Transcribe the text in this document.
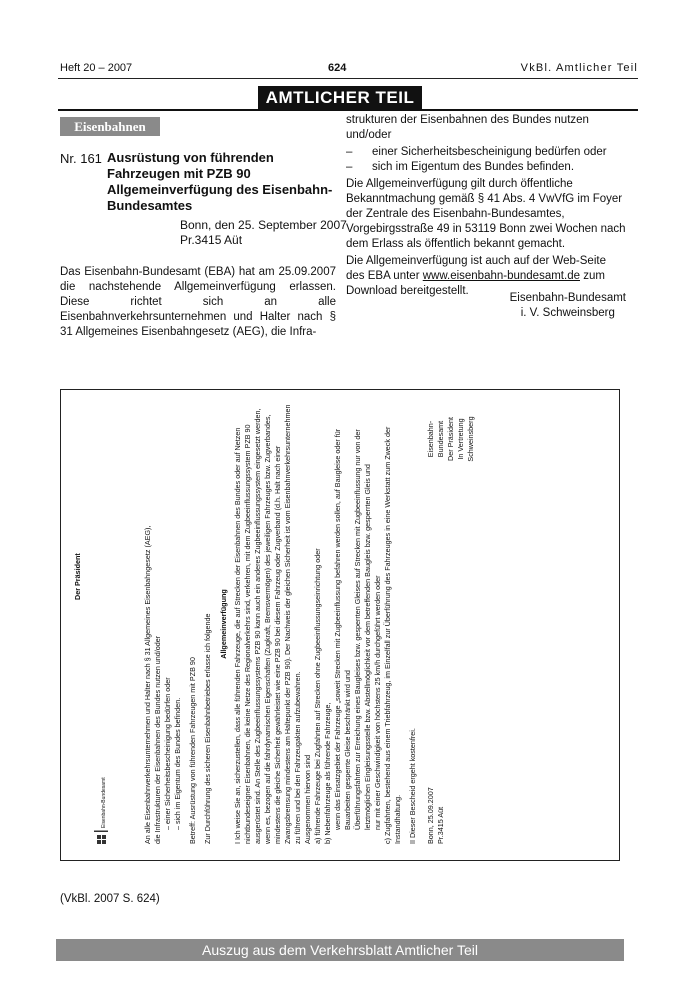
Heft 20 – 2007	624	VkBl. Amtlicher Teil
AMTLICHER TEIL
Eisenbahnen
Nr. 161 Ausrüstung von führenden Fahrzeugen mit PZB 90
Allgemeinverfügung des Eisenbahn-Bundesamtes
Bonn, den 25. September 2007
Pr.3415 Aüt
Das Eisenbahn-Bundesamt (EBA) hat am 25.09.2007 die nachstehende Allgemeinverfügung erlassen. Diese richtet sich an alle Eisenbahnverkehrsunternehmen und Halter nach § 31 Allgemeines Eisenbahngesetz (AEG), die Infra-

strukturen der Eisenbahnen des Bundes nutzen und/oder

– einer Sicherheitsbescheinigung bedürfen oder
– sich im Eigentum des Bundes befinden.

Die Allgemeinverfügung gilt durch öffentliche Bekanntmachung gemäß § 41 Abs. 4 VwVfG im Foyer der Zentrale des Eisenbahn-Bundesamtes, Vorgebirgsstraße 49 in 53119 Bonn zwei Wochen nach dem Erlass als öffentlich bekannt gemacht.

Die Allgemeinverfügung ist auch auf der Web-Seite des EBA unter www.eisenbahn-bundesamt.de zum Download bereitgestellt.

Eisenbahn-Bundesamt
i. V. Schweinsberg
Der Präsident
Eisenbahn-Bundesamt	An alle Eisenbahnverkehrsunternehmen und Halter nach § 31 Allgemeines Eisenbahngesetz (AEG), die Infrastrukturen der Eisenbahnen des Bundes nutzen und/oder – einer Sicherheitsbescheinigung bedürfen oder – sich im Eigentum des Bundes befinden. Betreff: Ausrüstung von führenden Fahrzeugen mit PZB 90 Zur Durchführung des sicheren Eisenbahnbetriebes erlasse ich folgende Allgemeinverfügung I Ich weise Sie an, sicherzustellen, dass alle führenden Fahrzeuge, die auf Strecken der Eisenbahnen des Bundes oder auf Netzen nichtbundeseigner Eisenbahnen, die keine Netze des Regionalverkehrs sind, verkehren, mit dem Zugbeeinflussungssystem PZB 90 ausgerüstet sind. An Stelle des Zugbeeinflussungssystems PZB 90 kann auch ein anderes Zugbeeinflussungssystem eingesetzt werden, wenn es, bezogen auf die fahrdynamischen Eigenschaften (Zugkraft, Bremsvermögen) des jeweiligen Fahrzeuges bzw. Zugverbandes, mindestens die gleiche Sicherheit gewährleistet wie eine PZB 90 bei diesem Fahrzeug oder Zugverband (d.h. Halt nach einer Zwangsbremsung mindestens am Haltepunkt der PZB 90). Der Nachweis der gleichen Sicherheit ist vom Eisenbahnverkehrsunternehmen zu führen und bei den Fahrzeugakten aufzubewahren. Ausgenommen hiervon sind a) führende Fahrzeuge bei Zugfahrten auf Strecken ohne Zugbeeinflussungseinrichtung oder b) Nebenfahrzeuge als führende Fahrzeuge, wenn das Einsatzgebiet der Fahrzeuge „soweit Strecken mit Zugbeeinflussung befahren werden sollen, auf Baugleise oder für Bauarbeiten gesperrte Gleise beschränkt wird und Überführungsfahrten zur Erreichung eines Baugleises bzw. gesperrten Gleises auf Strecken mit Zugbeeinflussung nur von der letztmöglichen Eingleisungsstelle bzw. Abstellmöglichkeit vor dem betreffenden Baugleis bzw. gesperrten Gleis und nur mit einer Geschwindigkeit von höchstens 25 km/h durchgeführt werden oder c) Zugfahrten, bestehend aus einem Triebfahrzeug, im Einzelfall zur Überführung des Fahrzeuges in eine Werkstatt zum Zweck der Instandhaltung. II Dieser Bescheid ergeht kostenfrei. Bonn, 25.09.2007 Pr.3415 Aüt

Eisenbahn-Bundesamt Der Präsident In Vertretung Schweinsberg

(VkBl. 2007 S. 624)
Auszug aus dem Verkehrsblatt Amtlicher Teil
